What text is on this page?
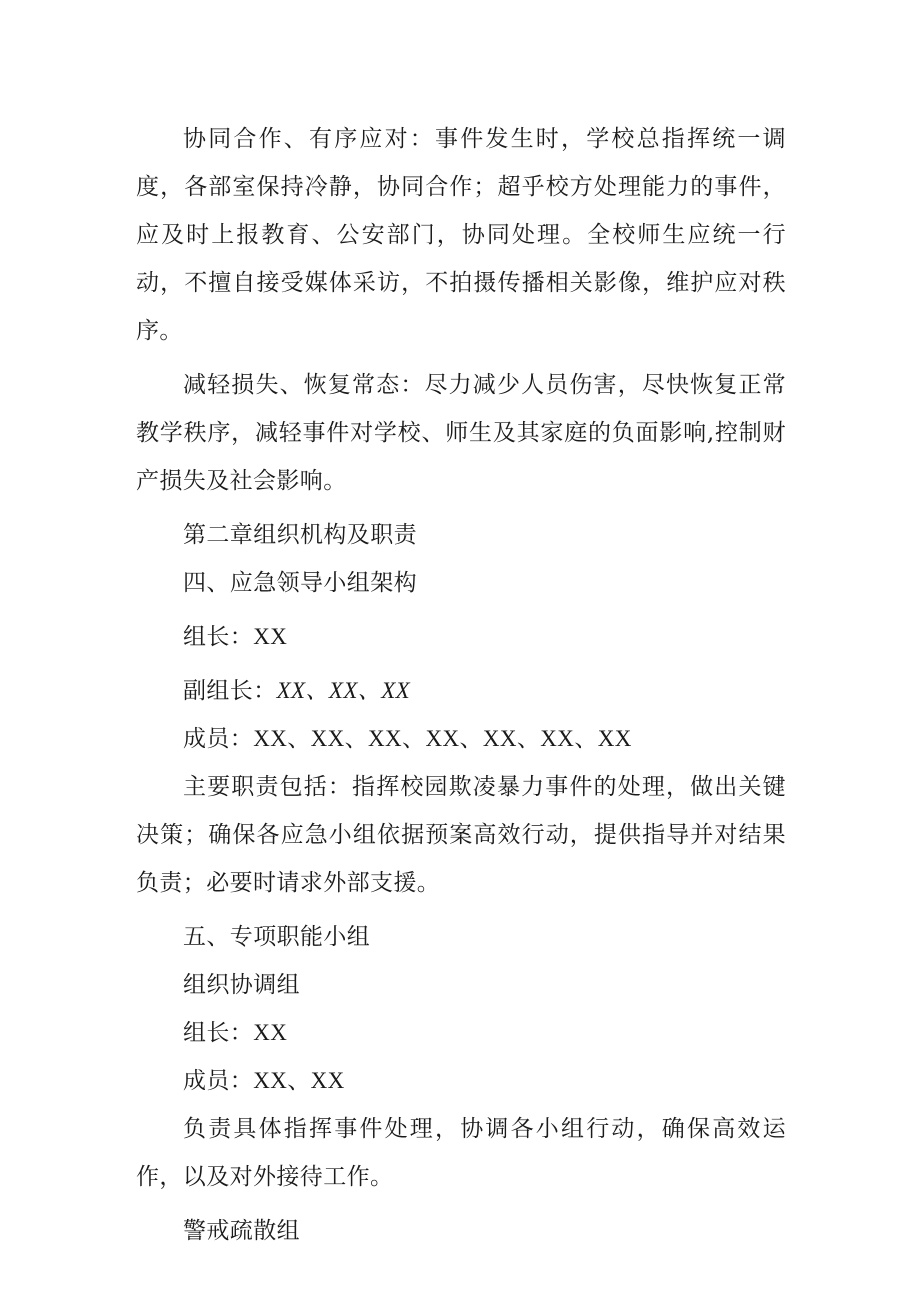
协同合作、有序应对：事件发生时，学校总指挥统一调度，各部室保持冷静，协同合作；超乎校方处理能力的事件，应及时上报教育、公安部门，协同处理。全校师生应统一行动，不擅自接受媒体采访，不拍摄传播相关影像，维护应对秩序。

减轻损失、恢复常态：尽力减少人员伤害，尽快恢复正常教学秩序，减轻事件对学校、师生及其家庭的负面影响,控制财产损失及社会影响。

第二章组织机构及职责

四、应急领导小组架构

组长：XX

副组长：XX、XX、XX

成员：XX、XX、XX、XX、XX、XX、XX

主要职责包括：指挥校园欺凌暴力事件的处理，做出关键决策；确保各应急小组依据预案高效行动，提供指导并对结果负责；必要时请求外部支援。

五、专项职能小组

组织协调组

组长：XX

成员：XX、XX

负责具体指挥事件处理，协调各小组行动，确保高效运作，以及对外接待工作。

警戒疏散组
